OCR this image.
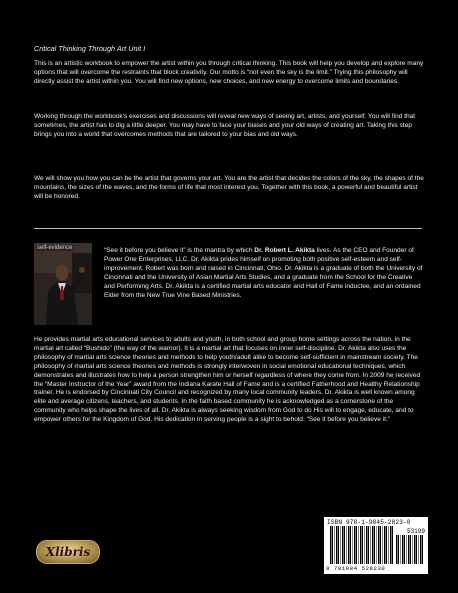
Critical Thinking Through Art Unit I

This is an artistic workbook to empower the artist within you through critical thinking. This book will help you develop and explore many options that will overcome the restraints that block creativity. Our motto is “not even the sky is the limit.” Trying this philosophy will directly assist the artist within you. You will find new options, new choices, and new energy to overcome limits and boundaries.

Working through the workbook’s exercises and discussions will reveal new ways of seeing art, artists, and yourself. You will find that sometimes, the artist has to dig a little deeper. You may have to face your biases and your old ways of creating art. Taking this step brings you into a world that overcomes methods that are tailored to your bias and old ways.

We will show you how you can be the artist that governs your art. You are the artist that decides the colors of the sky, the shapes of the mountains, the sizes of the waves, and the forms of life that most interest you. Together with this book, a powerful and beautiful artist will be honored.

self-evidence	“See it before you believe it” is the mantra by which Dr. Robert L. Akikta lives. As the CEO and Founder of Power One Enterprises, LLC. Dr. Akikta prides himself on promoting both positive self-esteem and self-improvement. Robert was born and raised in Cincinnati, Ohio. Dr. Akikta is a graduate of both the University of Cincinnati and the University of Asian Martial Arts Studies, and a graduate from the School for the Creative and Performing Arts. Dr. Akikta is a certified martial arts educator and Hall of Fame inductee, and an ordained Elder from the New True Vine Based Ministries.

He provides martial arts educational services to adults and youth, in both school and group home settings across the nation, in the martial art called “Bushido” (the way of the warrior). It is a martial art that focuses on inner self-discipline. Dr. Akikta also uses the philosophy of martial arts science theories and methods to help youth/adult alike to become self-sufficient in mainstream society. The philosophy of martial arts science theories and methods is strongly interwoven in social emotional educational techniques, which demonstrates and illustrates how to help a person strengthen him or herself regardless of where they come from. In 2009 he received the “Master Instructor of the Year” award from the Indiana Karate Hall of Fame and is a certified Fatherhood and Healthy Relationship trainer. He is endorsed by Cincinnati City Council and recognized by many local community leaders. Dr. Akikta is well known among elite and average citizens, teachers, and students. In the faith based community he is acknowledged as a cornerstone of the community who helps shape the lives of all. Dr. Akikta is always seeking wisdom from God to do His will to engage, educate, and to empower others for the Kingdom of God. His dedication in serving people is a sight to behold: “See it before you believe it.”

Xlibris
ISBN 978-1-9845-2823-0
53199
9 781984 528230
